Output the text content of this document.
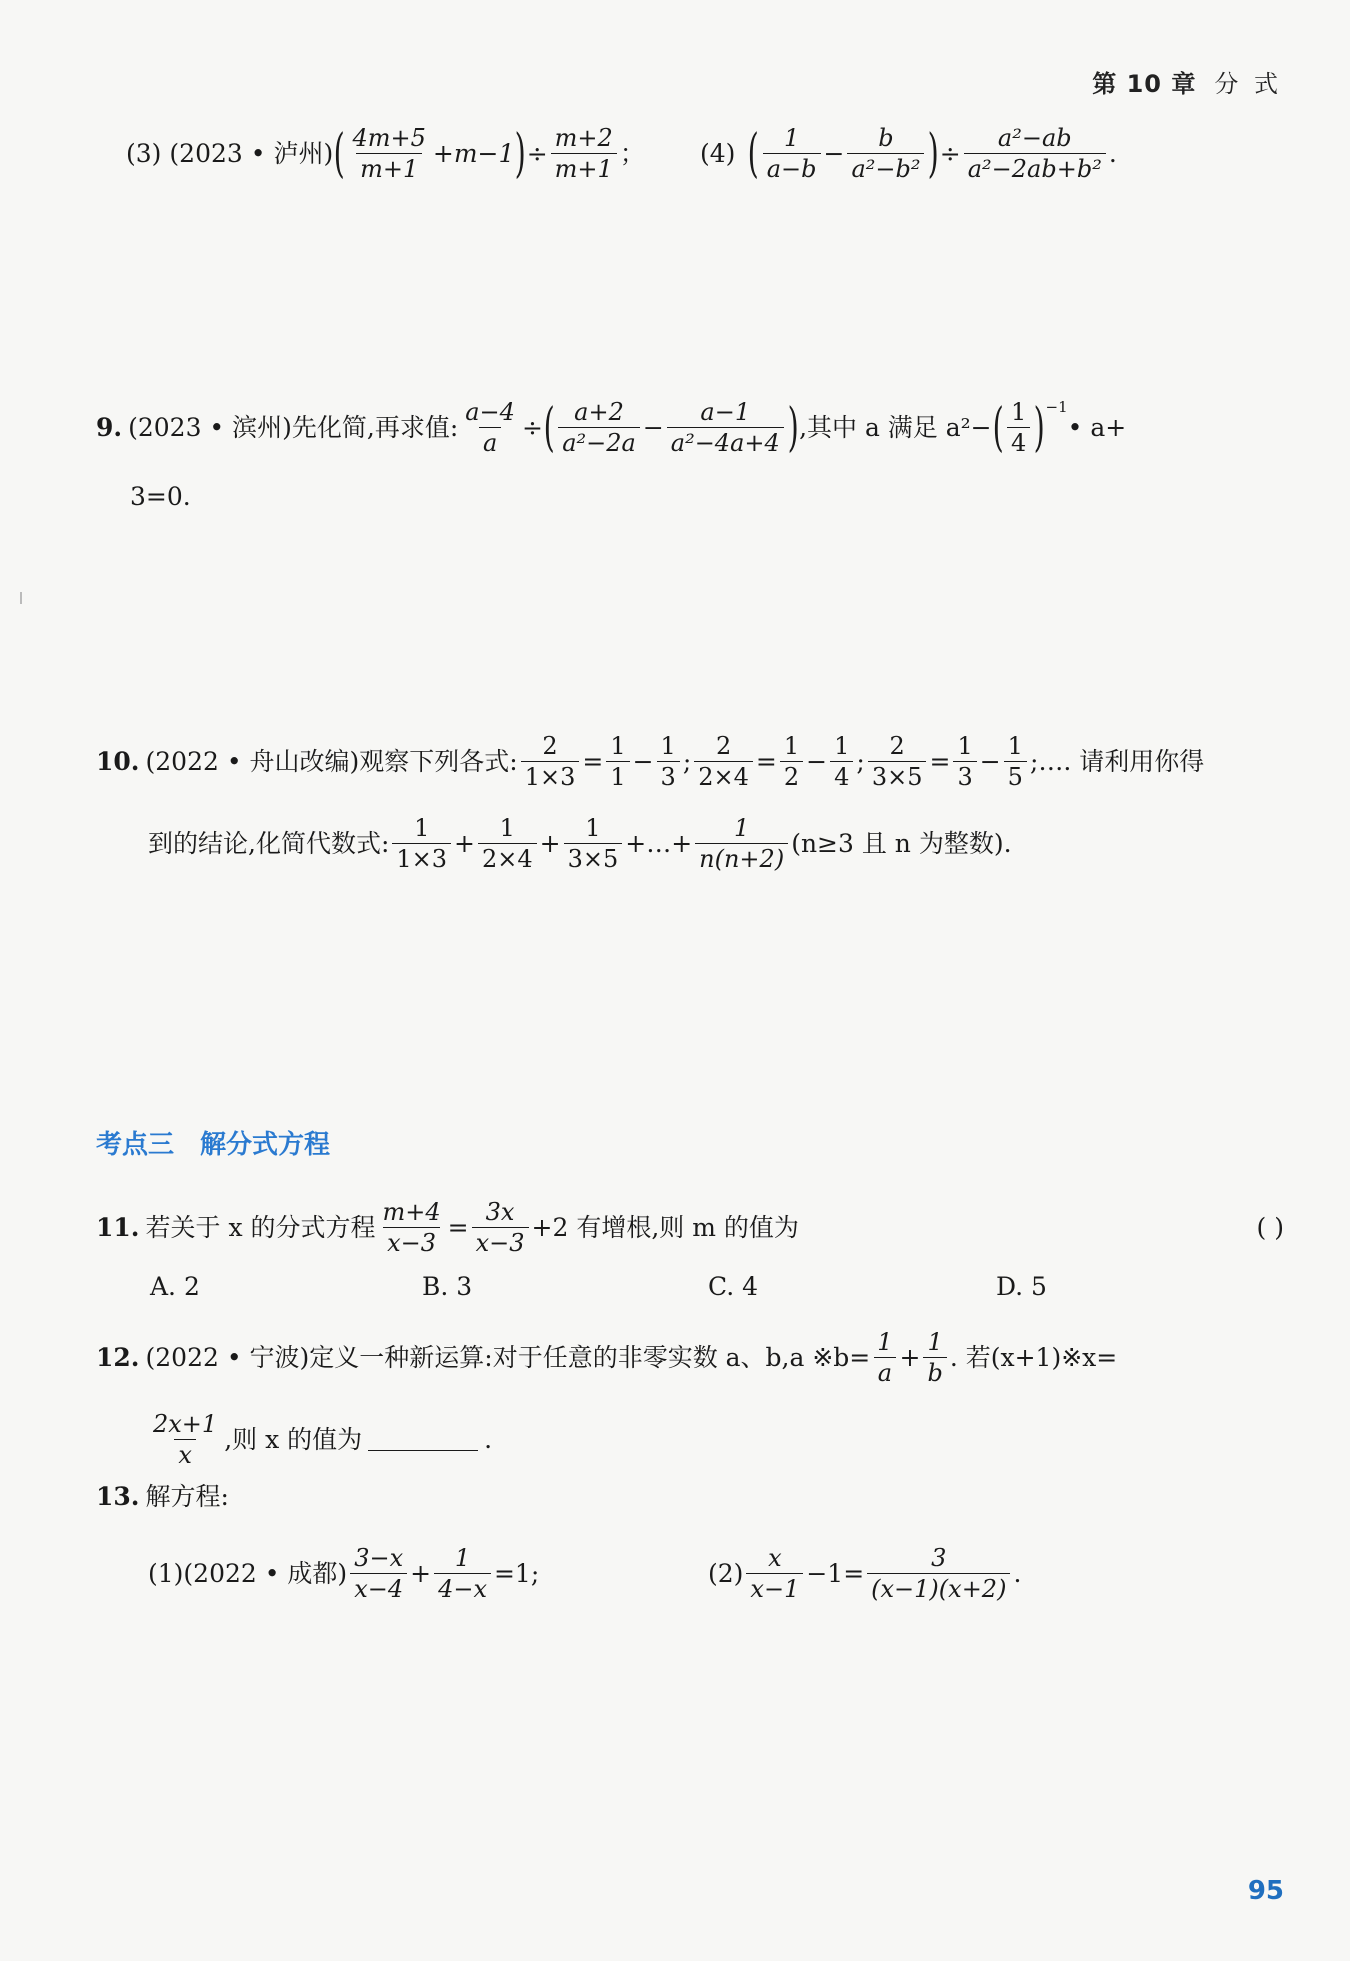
第 10 章 分 式
(3) (2023 • 泸州) ( $\frac{4m+5}{m+1} +m-1$ ) ÷ $\frac{m+2}{m+1}$ ； (4) ( $\frac{1}{a-b} - \frac{b}{\text{a²−b²}}$ ) ÷ $\frac{\text{a²−ab}}{\text{a²−2ab+b²}}$ .
9. (2023 • 滨州)先化简,再求值: $\frac{a-4}{a}$ ÷ ( $\frac{a+2}{\text{a²−2a}} - \frac{a-1}{\text{a²−4a+4}}$ ) ,其中 a 满足 a²− ( $\frac{1}{4} )^{-1}$
• a+
3=0.
10. (2022 • 舟山改编)观察下列各式: $\frac{2}{1\times 3} = \frac{1}{1} - \frac{1}{3}$ ; $\frac{2}{2\times 4} = \frac{1}{2} - \frac{1}{4}$ ; $\frac{2}{3\times 5} = \frac{1}{3} - \frac{1}{5}$ ;…. 请利用你得
到的结论,化简代数式: $\frac{1}{1\times 3} + \frac{1}{2\times 4} + \frac{1}{3\times 5}$ +…+ $\frac{1}{n(n+2)} (n\ge 3$ 且 n 为整数).
考点三 解分式方程
11. 若关于 x 的分式方程 $\frac{m+4}{x-3} = \frac{3x}{x-3} +2$ 有增根,则 m 的值为	( )
A. 2	B. 3	C. 4	D. 5
12. (2022 • 宁波)定义一种新运算:对于任意的非零实数 a、b,a ※b= $\frac{1}{a} + \frac{1}{b}$ . 若(x+1)※x=
$\frac{2x+1}{x}$ ,则 x 的值为	.
13. 解方程:
(1)(2022 • 成都) $\frac{3-x}{x-4} + \frac{1}{4-x} =1$;	$(2) \frac{x}{x-1} -1= \frac{3}{(x-1)(x+2)}$ .
95
